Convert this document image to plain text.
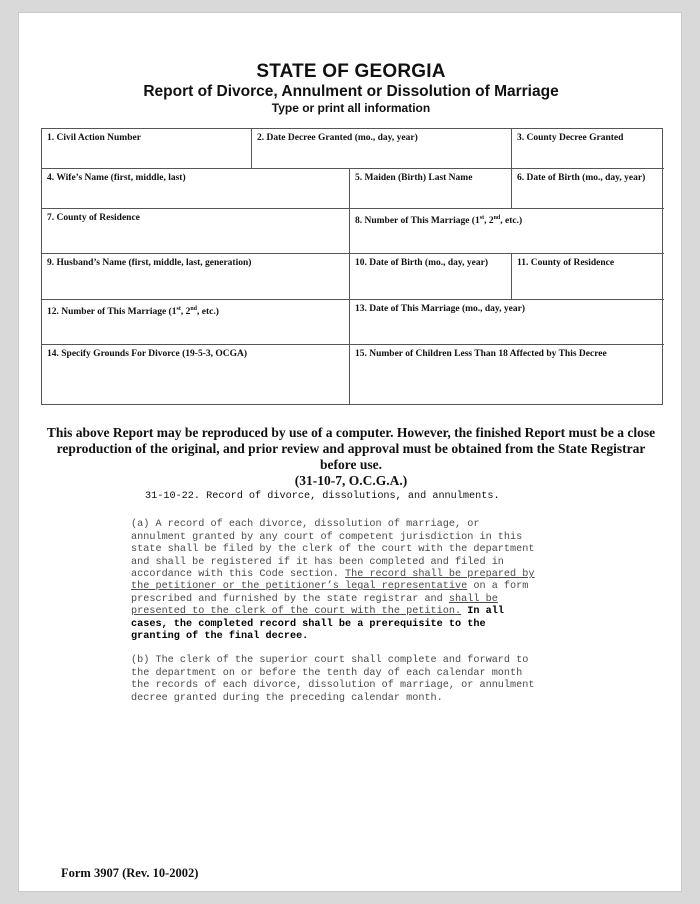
STATE OF GEORGIA
Report of Divorce, Annulment or Dissolution of Marriage
Type or print all information
1. Civil Action Number	2. Date Decree Granted (mo., day, year)	3. County Decree Granted
4. Wife’s Name (first, middle, last)	5. Maiden (Birth) Last Name	6. Date of Birth (mo., day, year)
7. County of Residence	8. Number of This Marriage (1st, 2nd, etc.)
9. Husband’s Name (first, middle, last, generation)	10. Date of Birth (mo., day, year)	11. County of Residence
12. Number of This Marriage (1st, 2nd, etc.)	13. Date of This Marriage (mo., day, year)
14. Specify Grounds For Divorce (19-5-3, OCGA)	15. Number of Children Less Than 18 Affected by This Decree
This above Report may be reproduced by use of a computer. However, the finished Report must be a close
reproduction of the original, and prior review and approval must be obtained from the State Registrar before use.
(31-10-7, O.C.G.A.)
31-10-22. Record of divorce, dissolutions, and annulments.

(a) A record of each divorce, dissolution of marriage, or

annulment granted by any court of competent jurisdiction in this

state shall be filed by the clerk of the court with the department

and shall be registered if it has been completed and filed in

accordance with this Code section. The record shall be prepared by

the petitioner or the petitioner’s legal representative on a form

prescribed and furnished by the state registrar and shall be

presented to the clerk of the court with the petition. In all

cases, the completed record shall be a prerequisite to the

granting of the final decree.

(b) The clerk of the superior court shall complete and forward to

the department on or before the tenth day of each calendar month

the records of each divorce, dissolution of marriage, or annulment

decree granted during the preceding calendar month.

Form 3907 (Rev. 10-2002)
